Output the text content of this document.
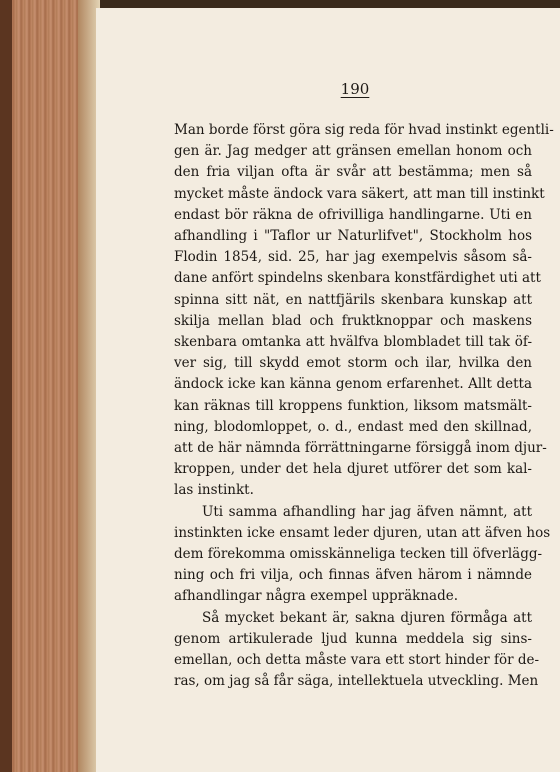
190
Man borde först göra sig reda för hvad instinkt egentli-
gen är. Jag medger att gränsen emellan honom och
den fria viljan ofta är svår att bestämma; men så
mycket måste ändock vara säkert, att man till instinkt
endast bör räkna de ofrivilliga handlingarne. Uti en
afhandling i "Taflor ur Naturlifvet", Stockholm hos
Flodin 1854, sid. 25, har jag exempelvis såsom så-
dane anfört spindelns skenbara konstfärdighet uti att
spinna sitt nät, en nattfjärils skenbara kunskap att
skilja mellan blad och fruktknoppar och maskens
skenbara omtanka att hvälfva blombladet till tak öf-
ver sig, till skydd emot storm och ilar, hvilka den
ändock icke kan känna genom erfarenhet. Allt detta
kan räknas till kroppens funktion, liksom matsmält-
ning, blodomloppet, o. d., endast med den skillnad,
att de här nämnda förrättningarne försiggå inom djur-
kroppen, under det hela djuret utförer det som kal-
las instinkt.
Uti samma afhandling har jag äfven nämnt, att
instinkten icke ensamt leder djuren, utan att äfven hos
dem förekomma omisskänneliga tecken till öfverlägg-
ning och fri vilja, och finnas äfven härom i nämnde
afhandlingar några exempel uppräknade.
Så mycket bekant är, sakna djuren förmåga att
genom artikulerade ljud kunna meddela sig sins-
emellan, och detta måste vara ett stort hinder för de-
ras, om jag så får säga, intellektuela utveckling. Men
